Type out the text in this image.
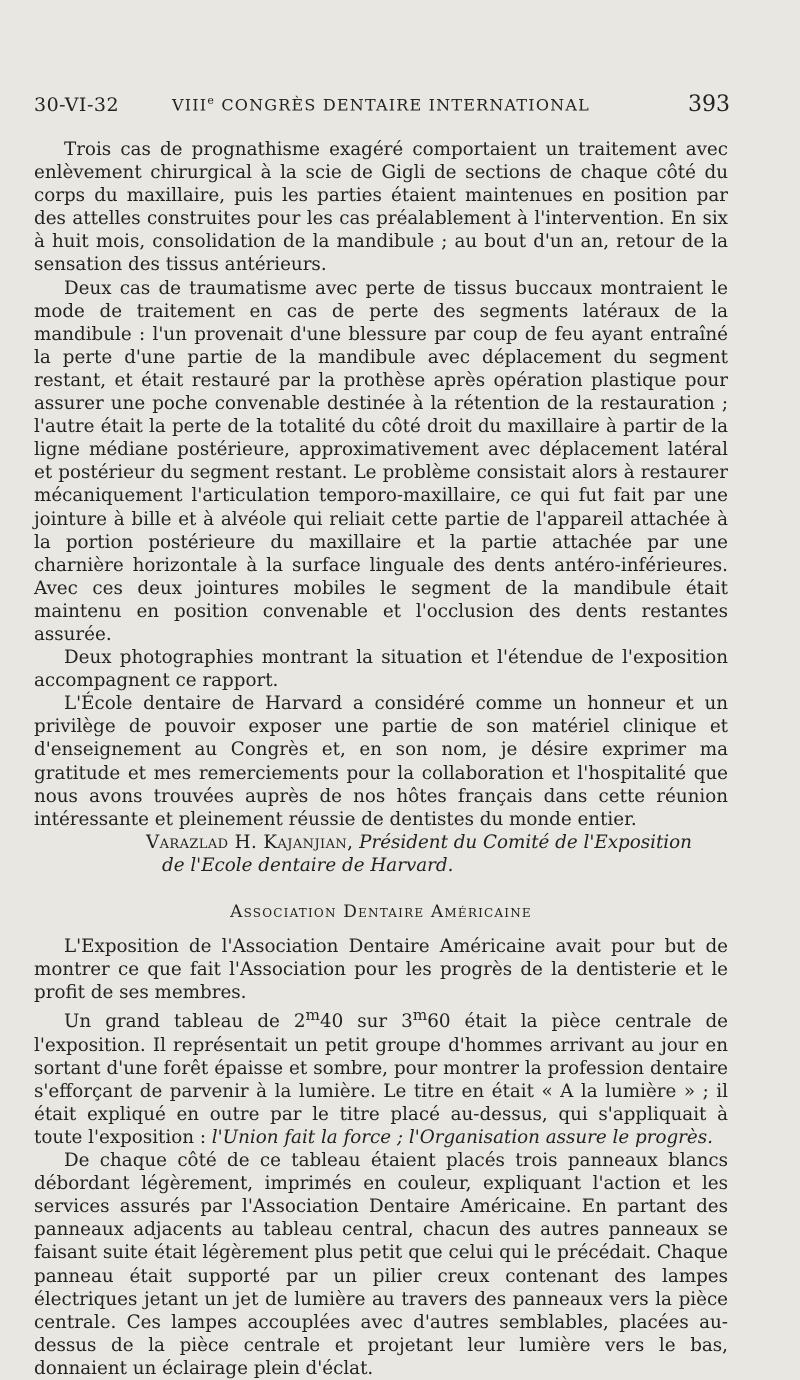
30-VI-32	VIIIe CONGRÈS DENTAIRE INTERNATIONAL	393

Trois cas de prognathisme exagéré comportaient un traitement avec enlèvement chirurgical à la scie de Gigli de sections de chaque côté du corps du maxillaire, puis les parties étaient maintenues en position par des attelles construites pour les cas préalablement à l'intervention. En six à huit mois, consolidation de la mandibule ; au bout d'un an, retour de la sensation des tissus antérieurs.

Deux cas de traumatisme avec perte de tissus buccaux montraient le mode de traitement en cas de perte des segments latéraux de la mandibule : l'un provenait d'une blessure par coup de feu ayant entraîné la perte d'une partie de la mandibule avec déplacement du segment restant, et était restauré par la prothèse après opération plastique pour assurer une poche convenable destinée à la rétention de la restauration ; l'autre était la perte de la totalité du côté droit du maxillaire à partir de la ligne médiane postérieure, approximativement avec déplacement latéral et postérieur du segment restant. Le problème consistait alors à restaurer mécaniquement l'articulation temporo-maxillaire, ce qui fut fait par une jointure à bille et à alvéole qui reliait cette partie de l'appareil attachée à la portion postérieure du maxillaire et la partie attachée par une charnière horizontale à la surface linguale des dents antéro-inférieures. Avec ces deux jointures mobiles le segment de la mandibule était maintenu en position convenable et l'occlusion des dents restantes assurée.

Deux photographies montrant la situation et l'étendue de l'exposition accompagnent ce rapport.

L'École dentaire de Harvard a considéré comme un honneur et un privilège de pouvoir exposer une partie de son matériel clinique et d'enseignement au Congrès et, en son nom, je désire exprimer ma gratitude et mes remerciements pour la collaboration et l'hospitalité que nous avons trouvées auprès de nos hôtes français dans cette réunion intéressante et pleinement réussie de dentistes du monde entier.

Varazlad H. Kajanjian, Président du Comité de l'Exposition
de l'Ecole dentaire de Harvard.

Association Dentaire Américaine

L'Exposition de l'Association Dentaire Américaine avait pour but de montrer ce que fait l'Association pour les progrès de la dentisterie et le profit de ses membres.

Un grand tableau de 2$^m$40 sur 3$^m$60 était la pièce centrale de l'exposition. Il représentait un petit groupe d'hommes arrivant au jour en sortant d'une forêt épaisse et sombre, pour montrer la profession dentaire s'efforçant de parvenir à la lumière. Le titre en était « A la lumière » ; il était expliqué en outre par le titre placé au-dessus, qui s'appliquait à toute l'exposition : l'Union fait la force ; l'Organisation assure le progrès.

De chaque côté de ce tableau étaient placés trois panneaux blancs débordant légèrement, imprimés en couleur, expliquant l'action et les services assurés par l'Association Dentaire Américaine. En partant des panneaux adjacents au tableau central, chacun des autres panneaux se faisant suite était légèrement plus petit que celui qui le précédait. Chaque panneau était supporté par un pilier creux contenant des lampes électriques jetant un jet de lumière au travers des panneaux vers la pièce centrale. Ces lampes accouplées avec d'autres semblables, placées au-dessus de la pièce centrale et projetant leur lumière vers le bas, donnaient un éclairage plein d'éclat.
